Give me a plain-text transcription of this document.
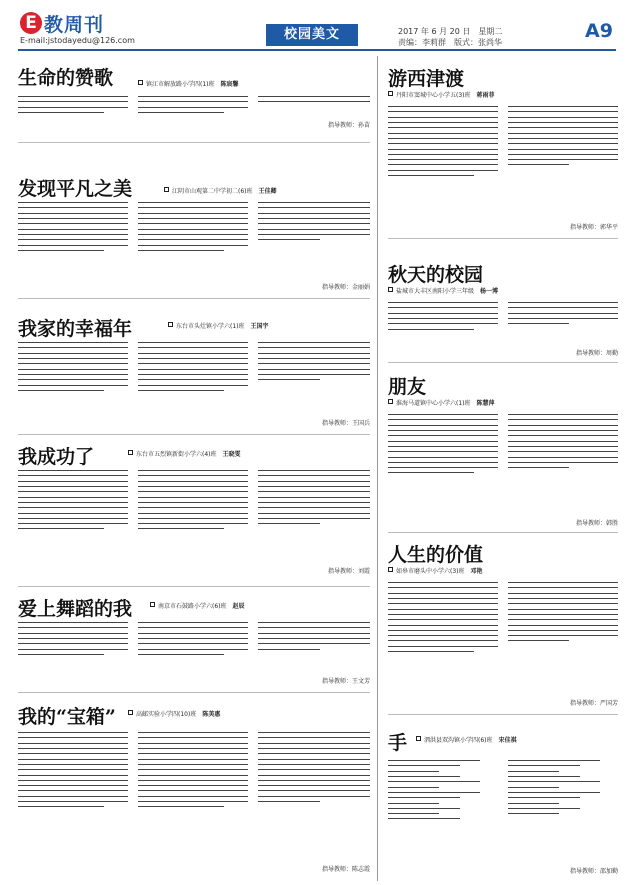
E 教周刊
E-mail:jstodayedu@126.com	校园美文	2017 年 6 月 20 日　星期二
责编：李莉群　版式：张尚华
A9
生命的赞歌	镇江市解放路小学四(1)班　 陈宸馨
指导教师：孙苗
发现平凡之美	江阴市山观第二中学初二(6)班　 王佳卿
指导教师：金丽娟
我家的幸福年	东台市头灶镇小学六(1)班　 王国宇
指导教师：王国兵
我成功了	东台市五烈镇新街小学六(4)班　 王晓雯
指导教师：刘霞
爱上舞蹈的我	南京市石鼓路小学六(6)班　 赵辰
指导教师：王文芳
我的“宝箱”	高邮实验小学四(10)班　 陈美惠
指导教师：陈志霞
游西津渡
丹阳市窦城中心小学五(3)班　 蒋雨菲
指导教师：郭华平
秋天的校园
盐城市大丰区南阳小学三年级　 杨一博
指导教师：周勤
朋友
淮海马道镇中心小学六(1)班　 陈慧萍
指导教师：韩胜
人生的价值
如皋市磨头中小学六(3)班　 邓艳
指导教师：严国芳
手	泗洪县双沟镇小学四(6)班　 宋佳祺
指导教师：邵加勤
